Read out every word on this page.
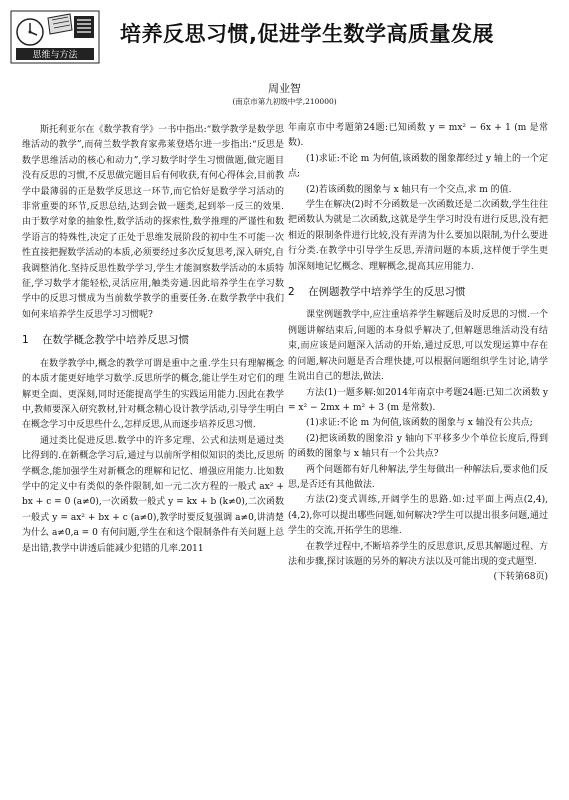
思维与方法
培养反思习惯,促进学生数学高质量发展
周业智
(南京市第九初级中学,210000)

斯托利亚尔在《数学教育学》一书中指出:“数学教学是数学思维活动的教学”,而荷兰数学教育家弗莱登塔尔进一步指出:“反思是数学思维活动的核心和动力”,学习数学时学生习惯做题,做完题目没有反思的习惯,不反思做完题目后有何收获,有何心得体会,目前教学中最薄弱的正是数学反思这一环节,而它恰好是数学学习活动的非常重要的环节,反思总结,达到会做一题类,起到举一反三的效果.由于数学对象的抽象性,数学活动的探索性,数学推理的严谨性和数学语言的特殊性,决定了正处于思维发展阶段的初中生不可能一次性直接把握数学活动的本质,必须要经过多次反复思考,深入研究,自我调整消化.坚持反思性数学学习,学生才能洞察数学活动的本质特征,学习数学才能轻松,灵活应用,触类旁通.因此培养学生在学习数学中的反思习惯成为当前数学教学的重要任务.在数学教学中我们如何来培养学生反思学习习惯呢?

1 在数学概念教学中培养反思习惯

在数学教学中,概念的教学可谓是重中之重.学生只有理解概念的本质才能更好地学习数学.反思所学的概念,能让学生对它们的理解更全面、更深刻,同时还能提高学生的实践运用能力.因此在教学中,教师要深入研究教材,针对概念精心设计教学活动,引导学生明白在概念学习中反思些什么,怎样反思,从而逐步培养反思习惯.

通过类比促进反思.数学中的许多定理、公式和法则是通过类比得到的.在新概念学习后,通过与以前所学相似知识的类比,反思所学概念,能加强学生对新概念的理解和记忆、增强应用能力.比如数学中的定义中有类似的条件限制,如一元二次方程的一般式 ax² + bx + c = 0 (a≠0),一次函数一般式 y = kx + b (k≠0),二次函数一般式 y = ax² + bx + c (a≠0),教学时要反复强调 a≠0,讲清楚为什么 a≠0,a = 0 有何问题,学生在和这个限制条件有关问题上总是出错,教学中讲透后能减少犯错的几率.2011

年南京市中考题第24题:已知函数 y = mx² − 6x + 1 (m 是常数).

(1)求证:不论 m 为何值,该函数的图象都经过 y 轴上的一个定点;

(2)若该函数的图象与 x 轴只有一个交点,求 m 的值.

学生在解决(2)时不分函数是一次函数还是二次函数,学生往往把函数认为就是二次函数,这就是学生学习时没有进行反思,没有把相近的限制条件进行比较,没有弄清为什么要加以限制,为什么要进行分类.在教学中引导学生反思,弄清问题的本质,这样便于学生更加深刻地记忆概念、理解概念,提高其应用能力.

2 在例题教学中培养学生的反思习惯

课堂例题教学中,应注重培养学生解题后及时反思的习惯.一个例题讲解结束后,问题的本身似乎解决了,但解题思维活动没有结束,而应该是问题深入活动的开始,通过反思,可以发现运算中存在的问题,解决问题是否合理快捷,可以根据问题组织学生讨论,请学生说出自己的想法,做法.

方法(1)一题多解:如2014年南京中考题24题:已知二次函数 y = x² − 2mx + m² + 3 (m 是常数).

(1)求证:不论 m 为何值,该函数的图象与 x 轴没有公共点;

(2)把该函数的图象沿 y 轴向下平移多少个单位长度后,得到的函数的图象与 x 轴只有一个公共点?

两个问题都有好几种解法,学生每做出一种解法后,要求他们反思,是否还有其他做法.

方法(2)变式训练,开阔学生的思路.如:过平面上两点(2,4),(4,2),你可以提出哪些问题,如何解决?学生可以提出很多问题,通过学生的交流,开拓学生的思维.

在教学过程中,不断培养学生的反思意识,反思其解题过程、方法和步骤,探讨该题的另外的解决方法以及可能出现的变式题型.

(下转第68页)
